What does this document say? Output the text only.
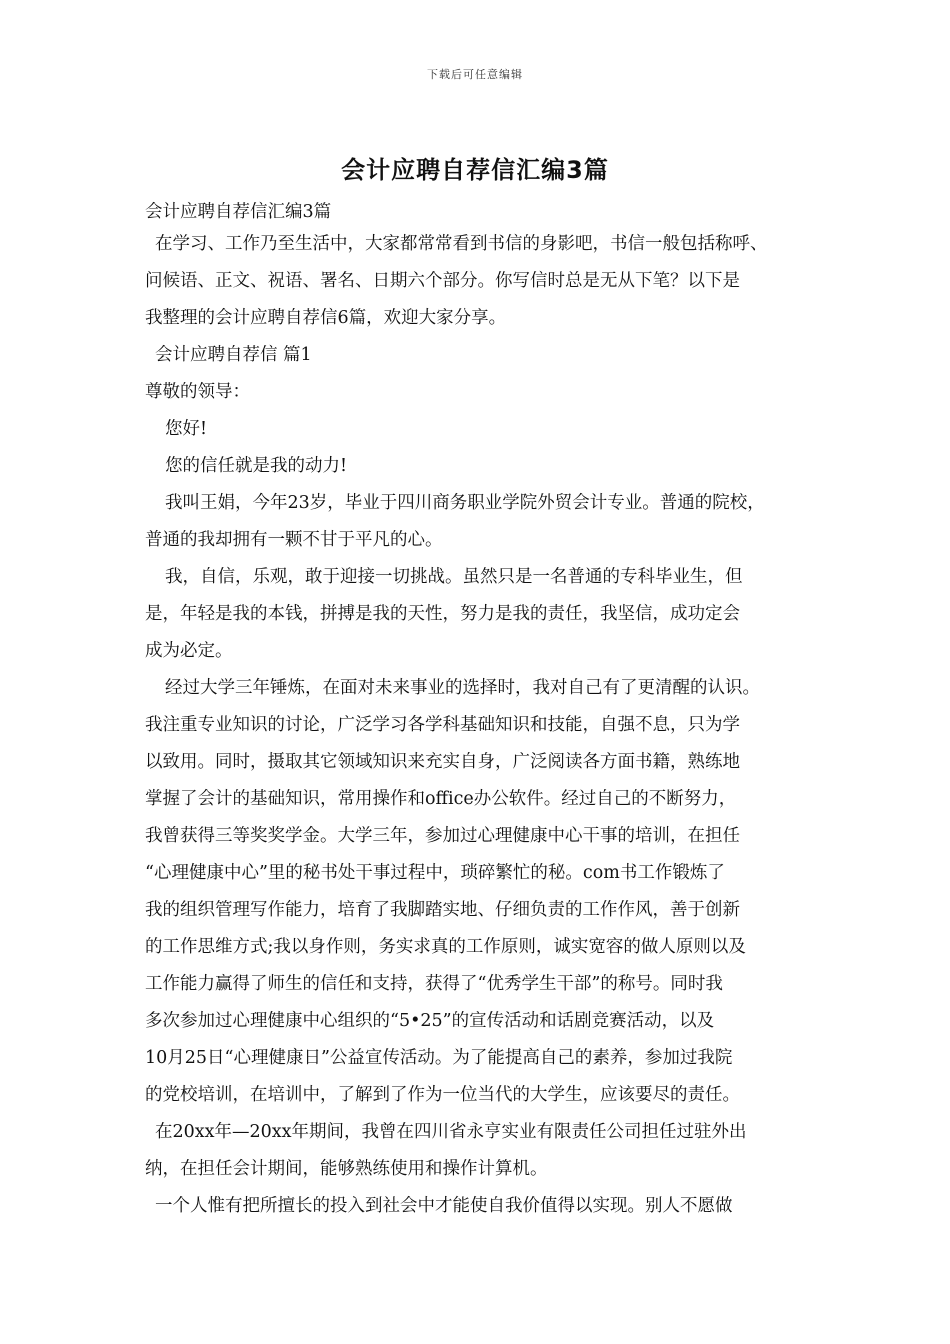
下载后可任意编辑
会计应聘自荐信汇编3篇
会计应聘自荐信汇编3篇
在学习、工作乃至生活中，大家都常常看到书信的身影吧，书信一般包括称呼、
问候语、正文、祝语、署名、日期六个部分。你写信时总是无从下笔？以下是
我整理的会计应聘自荐信6篇，欢迎大家分享。
会计应聘自荐信 篇1
尊敬的领导：
您好!
您的信任就是我的动力!
我叫王娟，今年23岁，毕业于四川商务职业学院外贸会计专业。普通的院校，
普通的我却拥有一颗不甘于平凡的心。
我，自信，乐观，敢于迎接一切挑战。虽然只是一名普通的专科毕业生，但
是，年轻是我的本钱，拼搏是我的天性，努力是我的责任，我坚信，成功定会
成为必定。
经过大学三年锤炼，在面对未来事业的选择时，我对自己有了更清醒的认识。
我注重专业知识的讨论，广泛学习各学科基础知识和技能，自强不息，只为学
以致用。同时，摄取其它领域知识来充实自身，广泛阅读各方面书籍，熟练地
掌握了会计的基础知识，常用操作和office办公软件。经过自己的不断努力，
我曾获得三等奖奖学金。大学三年，参加过心理健康中心干事的培训，在担任
“心理健康中心”里的秘书处干事过程中，琐碎繁忙的秘。com书工作锻炼了
我的组织管理写作能力，培育了我脚踏实地、仔细负责的工作作风，善于创新
的工作思维方式;我以身作则，务实求真的工作原则，诚实宽容的做人原则以及
工作能力赢得了师生的信任和支持，获得了“优秀学生干部”的称号。同时我
多次参加过心理健康中心组织的“5•25”的宣传活动和话剧竞赛活动，以及
10月25日“心理健康日”公益宣传活动。为了能提高自己的素养，参加过我院
的党校培训，在培训中，了解到了作为一位当代的大学生，应该要尽的责任。
在20xx年—20xx年期间，我曾在四川省永亨实业有限责任公司担任过驻外出
纳，在担任会计期间，能够熟练使用和操作计算机。
一个人惟有把所擅长的投入到社会中才能使自我价值得以实现。别人不愿做
